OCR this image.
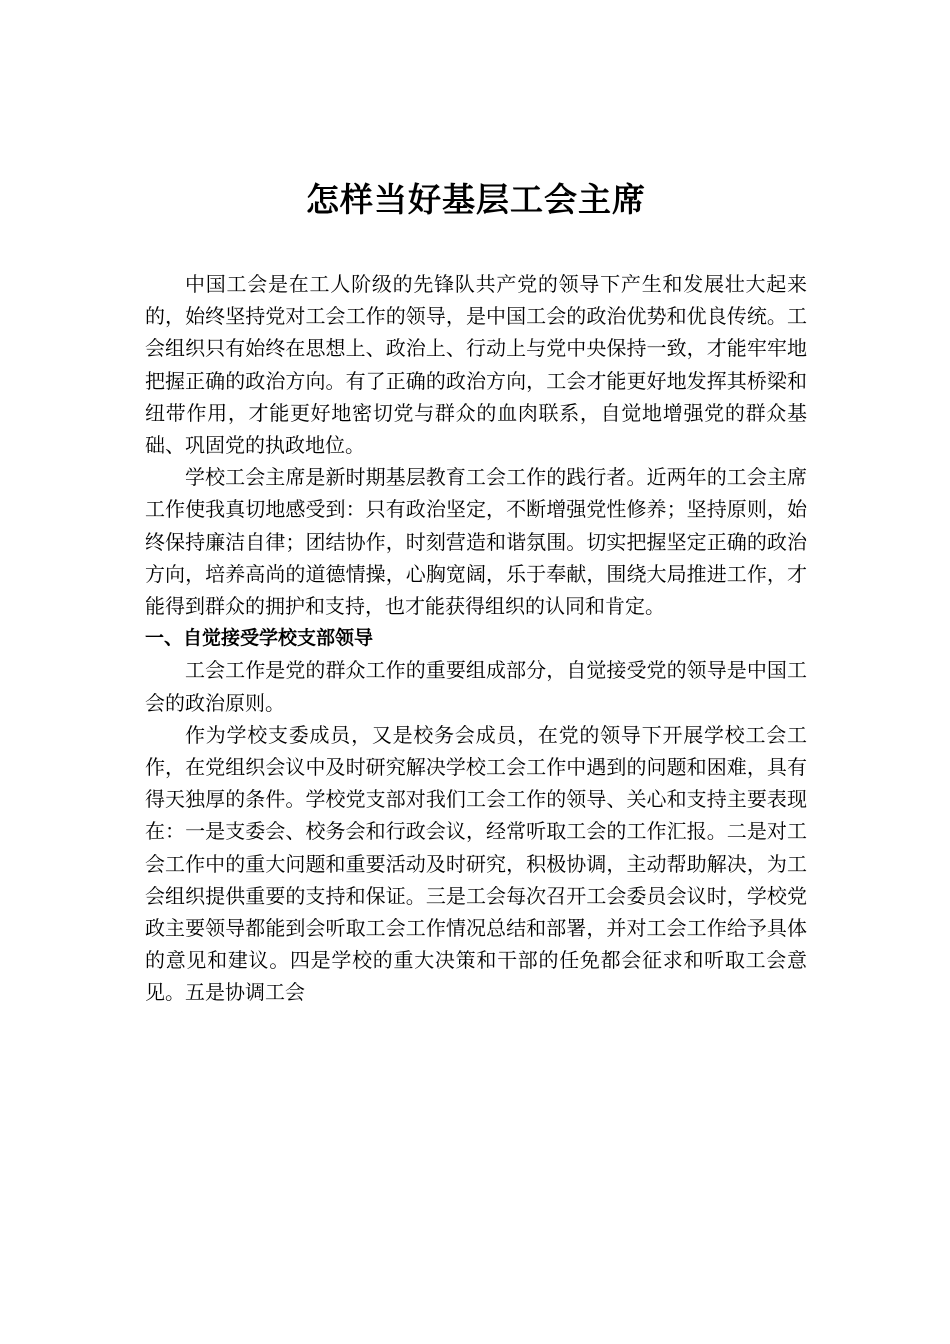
怎样当好基层工会主席

中国工会是在工人阶级的先锋队共产党的领导下产生和发展壮大起来的，始终坚持党对工会工作的领导，是中国工会的政治优势和优良传统。工会组织只有始终在思想上、政治上、行动上与党中央保持一致，才能牢牢地把握正确的政治方向。有了正确的政治方向，工会才能更好地发挥其桥梁和纽带作用，才能更好地密切党与群众的血肉联系，自觉地增强党的群众基础、巩固党的执政地位。

学校工会主席是新时期基层教育工会工作的践行者。近两年的工会主席工作使我真切地感受到：只有政治坚定，不断增强党性修养；坚持原则，始终保持廉洁自律；团结协作，时刻营造和谐氛围。切实把握坚定正确的政治方向，培养高尚的道德情操，心胸宽阔，乐于奉献，围绕大局推进工作，才能得到群众的拥护和支持，也才能获得组织的认同和肯定。

一、自觉接受学校支部领导

工会工作是党的群众工作的重要组成部分，自觉接受党的领导是中国工会的政治原则。

作为学校支委成员，又是校务会成员，在党的领导下开展学校工会工作，在党组织会议中及时研究解决学校工会工作中遇到的问题和困难，具有得天独厚的条件。学校党支部对我们工会工作的领导、关心和支持主要表现在：一是支委会、校务会和行政会议，经常听取工会的工作汇报。二是对工会工作中的重大问题和重要活动及时研究，积极协调，主动帮助解决，为工会组织提供重要的支持和保证。三是工会每次召开工会委员会议时，学校党政主要领导都能到会听取工会工作情况总结和部署，并对工会工作给予具体的意见和建议。四是学校的重大决策和干部的任免都会征求和听取工会意见。五是协调工会
